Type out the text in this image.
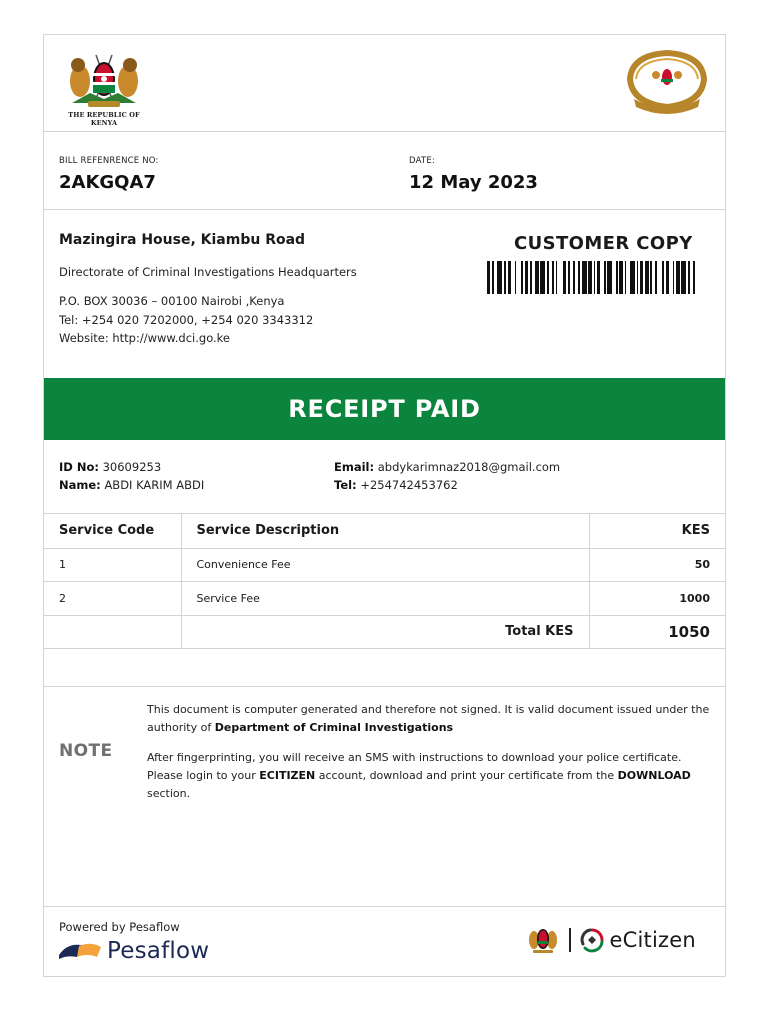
THE REPUBLIC OF KENYA
BILL REFENRENCE NO:
2AKGQA7
DATE:
12 May 2023
Mazingira House, Kiambu Road
Directorate of Criminal Investigations Headquarters
P.O. BOX 30036 – 00100 Nairobi ,Kenya
Tel: +254 020 7202000, +254 020 3343312
Website: http://www.dci.go.ke
CUSTOMER COPY
RECEIPT PAID
ID No: 30609253
Name: ABDI KARIM ABDI
Email: abdykarimnaz2018@gmail.com
Tel: +254742453762
Service Code	Service Description	KES
1	Convenience Fee	50
2	Service Fee	1000
	Total KES	1050
NOTE
This document is computer generated and therefore not signed. It is valid document issued under the authority of Department of Criminal Investigations
After fingerprinting, you will receive an SMS with instructions to download your police certificate. Please login to your ECITIZEN account, download and print your certificate from the DOWNLOAD section.
Powered by Pesaflow
Pesaflow	eCitizen
